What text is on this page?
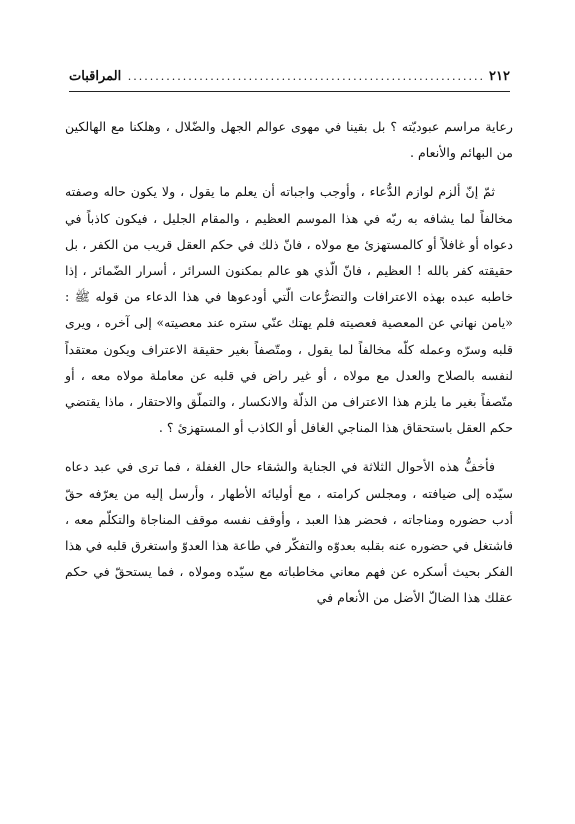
٢١٢
.....
المراقبات

رعاية مراسم عبوديّته ؟ بل بقينا في مهوى عوالم الجهل والضّلال ، وهلكنا مع الهالكين من البهائم والأنعام .

ثمّ إنّ ألزم لوازم الدُّعاء ، وأوجب واجباته أن يعلم ما يقول ، ولا يكون حاله وصفته مخالفاً لما يشافه به ربّه في هذا الموسم العظيم ، والمقام الجليل ، فيكون كاذباً في دعواه أو غافلاً أو كالمستهزئ مع مولاه ، فانّ ذلك في حكم العقل قريب من الكفر ، بل حقيقته كفر بالله ! العظيم ، فانّ الّذي هو عالم بمكنون السرائر ، أسرار الضّمائر ، إذا خاطبه عبده بهذه الاعترافات والتضرُّعات الّتي أودعوها في هذا الدعاء من قوله ﷺ : «يامن نهاني عن المعصية فعصيته فلم يهتك عنّي ستره عند معصيته» إلى آخره ، ويرى قلبه وسرّه وعمله كلّه مخالفاً لما يقول ، ومتّصفاً بغير حقيقة الاعتراف ويكون معتقداً لنفسه بالصلاح والعدل مع مولاه ، أو غير راض في قلبه عن معاملة مولاه معه ، أو متّصفاً بغير ما يلزم هذا الاعتراف من الذلّة والانكسار ، والتملّق والاحتقار ، ماذا يقتضي حكم العقل باستحقاق هذا المناجي الغافل أو الكاذب أو المستهزئ ؟ .

فأخفُّ هذه الأحوال الثلاثة في الجناية والشقاء حال الغفلة ، فما ترى في عبد دعاه سيّده إلى ضيافته ، ومجلس كرامته ، مع أوليائه الأطهار ، وأرسل إليه من يعرّفه حقّ أدب حضوره ومناجاته ، فحضر هذا العبد ، وأوقف نفسه موقف المناجاة والتكلّم معه ، فاشتغل في حضوره عنه بقلبه بعدوّه والتفكّر في طاعة هذا العدوّ واستغرق قلبه في هذا الفكر بحيث أسكره عن فهم معاني مخاطباته مع سيّده ومولاه ، فما يستحقّ في حكم عقلك هذا الضالّ الأضل من الأنعام في
